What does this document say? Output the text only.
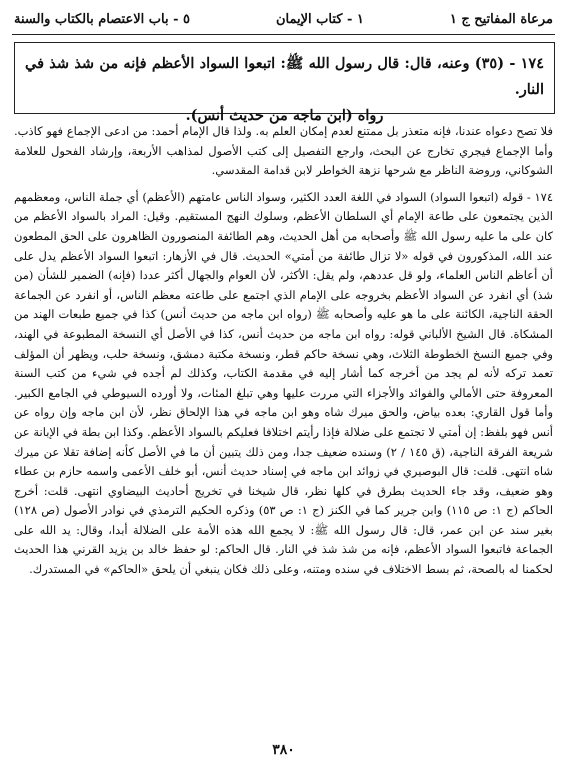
مرعاة المفاتيح ج ١
١ - كتاب الإيمان
٥ - باب الاعتصام بالكتاب والسنة

١٧٤ - (٣٥) وعنه، قال: قال رسول الله ﷺ: اتبعوا السواد الأعظم فإنه من شذ شذ في النار.

رواه (ابن ماجه من حديث أنس).

فلا تصح دعواه عندنا، فإنه متعذر بل ممتنع لعدم إمكان العلم به. ولذا قال الإمام أحمد: من ادعى الإجماع فهو كاذب. وأما الإجماع فيجري تخارج عن البحث، وارجع التفصيل إلى كتب الأصول لمذاهب الأربعة، وإرشاد الفحول للعلامة الشوكاني، وروضة الناظر مع شرحها نزهة الخواطر لابن قدامة المقدسي.

١٧٤ - قوله (اتبعوا السواد) السواد في اللغة العدد الكثير، وسواد الناس عامتهم (الأعظم) أي جملة الناس، ومعظمهم الذين يجتمعون على طاعة الإمام أي السلطان الأعظم، وسلوك النهج المستقيم. وقيل: المراد بالسواد الأعظم من كان على ما عليه رسول الله ﷺ وأصحابه من أهل الحديث، وهم الطائفة المنصورون الظاهرون على الحق المطعون عند الله، المذكورون في قوله «لا تزال طائفة من أمتي» الحديث. قال في الأزهار: اتبعوا السواد الأعظم يدل على أن أعاظم الناس العلماء، ولو قل عددهم، ولم يقل: الأكثر، لأن العوام والجهال أكثر عددا (فإنه) الضمير للشأن (من شذ) أي انفرد عن السواد الأعظم بخروجه على الإمام الذي اجتمع على طاعته معظم الناس، أو انفرد عن الجماعة الحقة الناجية، الكائنة على ما هو عليه وأصحابه ﷺ (رواه ابن ماجه من حديث أنس) كذا في جميع طبعات الهند من المشكاة. قال الشيخ الألباني قوله: رواه ابن ماجه من حديث أنس، كذا في الأصل أي النسخة المطبوعة في الهند، وفي جميع النسخ الخطوطة الثلاث، وهي نسخة حاكم قطر، ونسخة مكتبة دمشق، ونسخة حلب، ويظهر أن المؤلف تعمد تركه لأنه لم يجد من أخرجه كما أشار إليه في مقدمة الكتاب، وكذلك لم أجده في شيء من كتب السنة المعروفة حتى الأمالي والفوائد والأجزاء التي مررت عليها وهي تبلغ المئات، ولا أورده السيوطي في الجامع الكبير. وأما قول القاري: بعده بياض، والحق ميرك شاه وهو ابن ماجه في هذا الإلحاق نظر، لأن ابن ماجه وإن رواه عن أنس فهو بلفظ: إن أمتي لا تجتمع على ضلالة فإذا رأيتم اختلافا فعليكم بالسواد الأعظم. وكذا ابن بطة في الإبانة عن شريعة الفرقة الناجية، (ق ١٤٥ / ٢) وسنده ضعيف جدا، ومن ذلك يتبين أن ما في الأصل كأنه إضافة تقلا عن ميرك شاه انتهى. قلت: قال البوصيري في زوائد ابن ماجه في إسناد حديث أنس، أبو خلف الأعمى واسمه حازم بن عطاء وهو ضعيف، وقد جاء الحديث بطرق في كلها نظر، قال شيخنا في تخريج أحاديث البيضاوي انتهى. قلت: أخرج الحاكم (ج ١: ص ١١٥) وابن جرير كما في الكنز (ج ١: ص ٥٣) وذكره الحكيم الترمذي في نوادر الأصول (ص ١٢٨) بغير سند عن ابن عمر، قال: قال رسول الله ﷺ: لا يجمع الله هذه الأمة على الضلالة أبدا، وقال: يد الله على الجماعة فاتبعوا السواد الأعظم، فإنه من شذ شذ في النار. قال الحاكم: لو حفظ خالد بن يزيد القرني هذا الحديث لحكمنا له بالصحة، ثم بسط الاختلاف في سنده ومتنه، وعلى ذلك فكان ينبغي أن يلحق «الحاكم» في المستدرك.

٣٨٠
